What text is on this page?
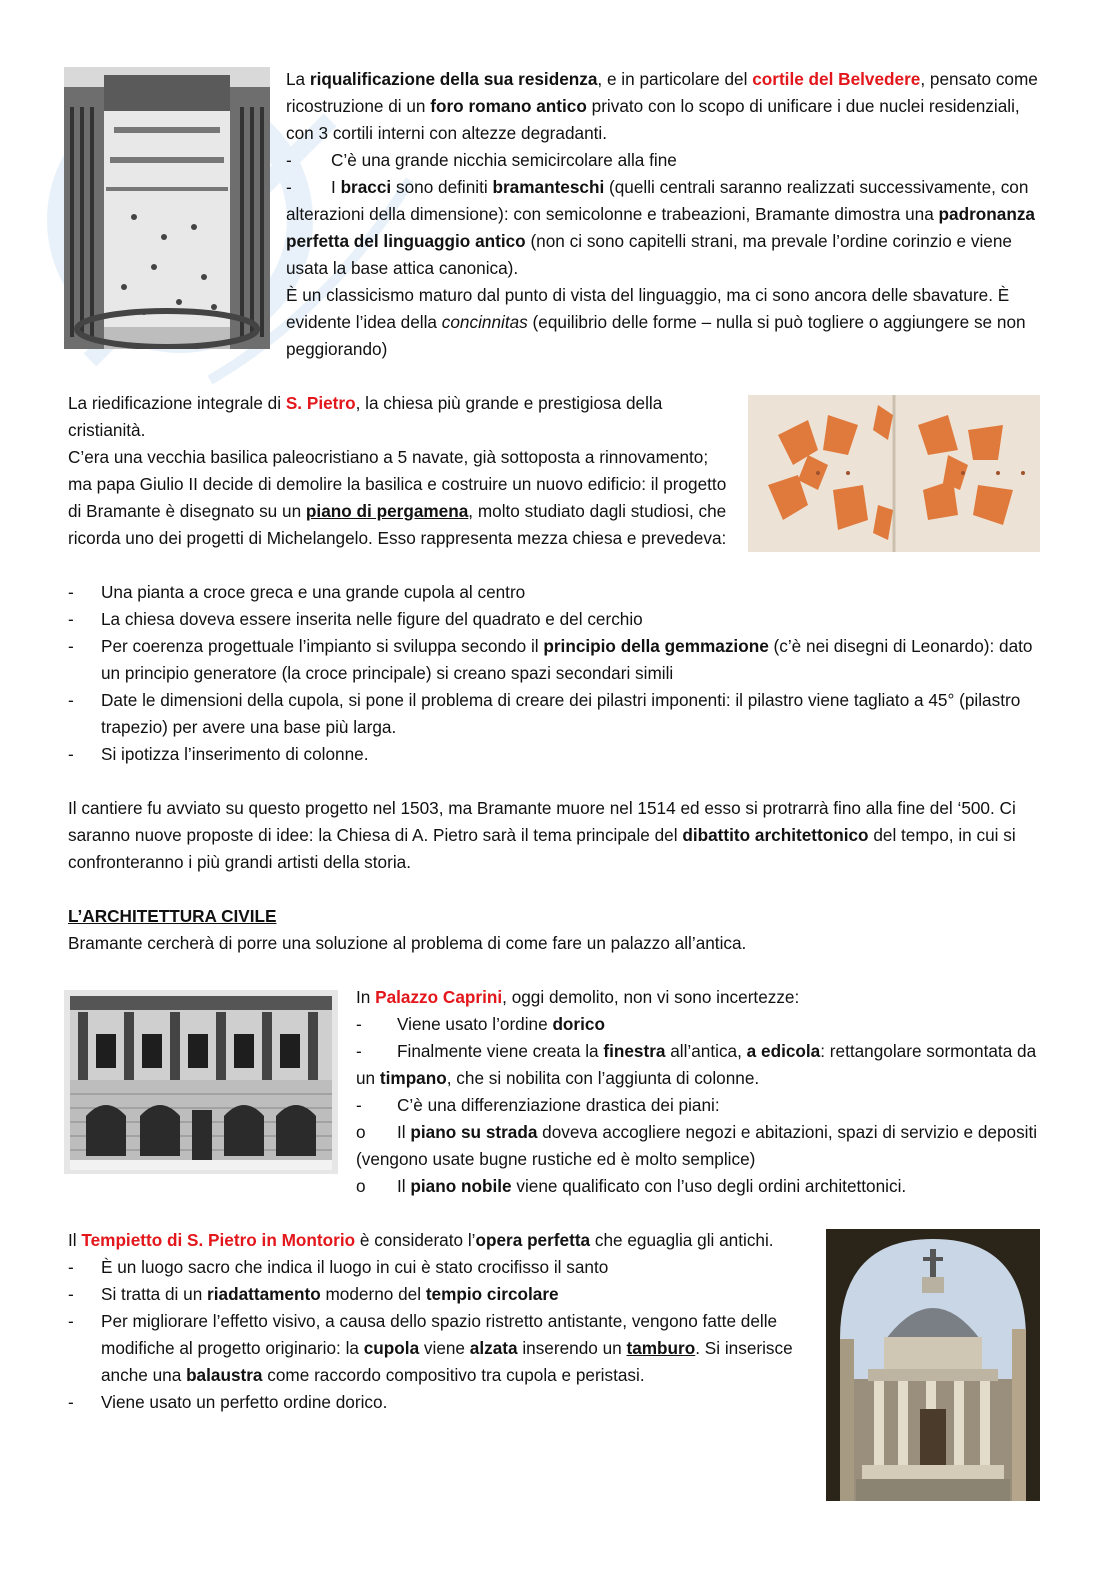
La riqualificazione della sua residenza, e in particolare del cortile del Belvedere, pensato come ricostruzione di un foro romano antico privato con lo scopo di unificare i due nuclei residenziali, con 3 cortili interni con altezze degradanti.

- C’è una grande nicchia semicircolare alla fine
- I bracci sono definiti bramanteschi (quelli centrali saranno realizzati successivamente, con alterazioni della dimensione): con semicolonne e trabeazioni, Bramante dimostra una padronanza perfetta del linguaggio antico (non ci sono capitelli strani, ma prevale l’ordine corinzio e viene usata la base attica canonica).

È un classicismo maturo dal punto di vista del linguaggio, ma ci sono ancora delle sbavature. È evidente l’idea della concinnitas (equilibrio delle forme – nulla si può togliere o aggiungere se non peggiorando)

La riedificazione integrale di S. Pietro, la chiesa più grande e prestigiosa della cristianità.

C’era una vecchia basilica paleocristiano a 5 navate, già sottoposta a rinnovamento; ma papa Giulio II decide di demolire la basilica e costruire un nuovo edificio: il progetto di Bramante è disegnato su un piano di pergamena, molto studiato dagli studiosi, che ricorda uno dei progetti di Michelangelo. Esso rappresenta mezza chiesa e prevedeva:

- Una pianta a croce greca e una grande cupola al centro
- La chiesa doveva essere inserita nelle figure del quadrato e del cerchio
- Per coerenza progettuale l’impianto si sviluppa secondo il principio della gemmazione (c’è nei disegni di Leonardo): dato un principio generatore (la croce principale) si creano spazi secondari simili
- Date le dimensioni della cupola, si pone il problema di creare dei pilastri imponenti: il pilastro viene tagliato a 45° (pilastro trapezio) per avere una base più larga.
- Si ipotizza l’inserimento di colonne.

Il cantiere fu avviato su questo progetto nel 1503, ma Bramante muore nel 1514 ed esso si protrarrà fino alla fine del ‘500. Ci saranno nuove proposte di idee: la Chiesa di A. Pietro sarà il tema principale del dibattito architettonico del tempo, in cui si confronteranno i più grandi artisti della storia.

L’ARCHITETTURA CIVILE

Bramante cercherà di porre una soluzione al problema di come fare un palazzo all’antica.

In Palazzo Caprini, oggi demolito, non vi sono incertezze:

- Viene usato l’ordine dorico
- Finalmente viene creata la finestra all’antica, a edicola: rettangolare sormontata da un timpano, che si nobilita con l’aggiunta di colonne.
- C’è una differenziazione drastica dei piani:
o Il piano su strada doveva accogliere negozi e abitazioni, spazi di servizio e depositi (vengono usate bugne rustiche ed è molto semplice)
o Il piano nobile viene qualificato con l’uso degli ordini architettonici.

Il Tempietto di S. Pietro in Montorio è considerato l’opera perfetta che eguaglia gli antichi.

- È un luogo sacro che indica il luogo in cui è stato crocifisso il santo
- Si tratta di un riadattamento moderno del tempio circolare
- Per migliorare l’effetto visivo, a causa dello spazio ristretto antistante, vengono fatte delle modifiche al progetto originario: la cupola viene alzata inserendo un tamburo. Si inserisce anche una balaustra come raccordo compositivo tra cupola e peristasi.
- Viene usato un perfetto ordine dorico.
